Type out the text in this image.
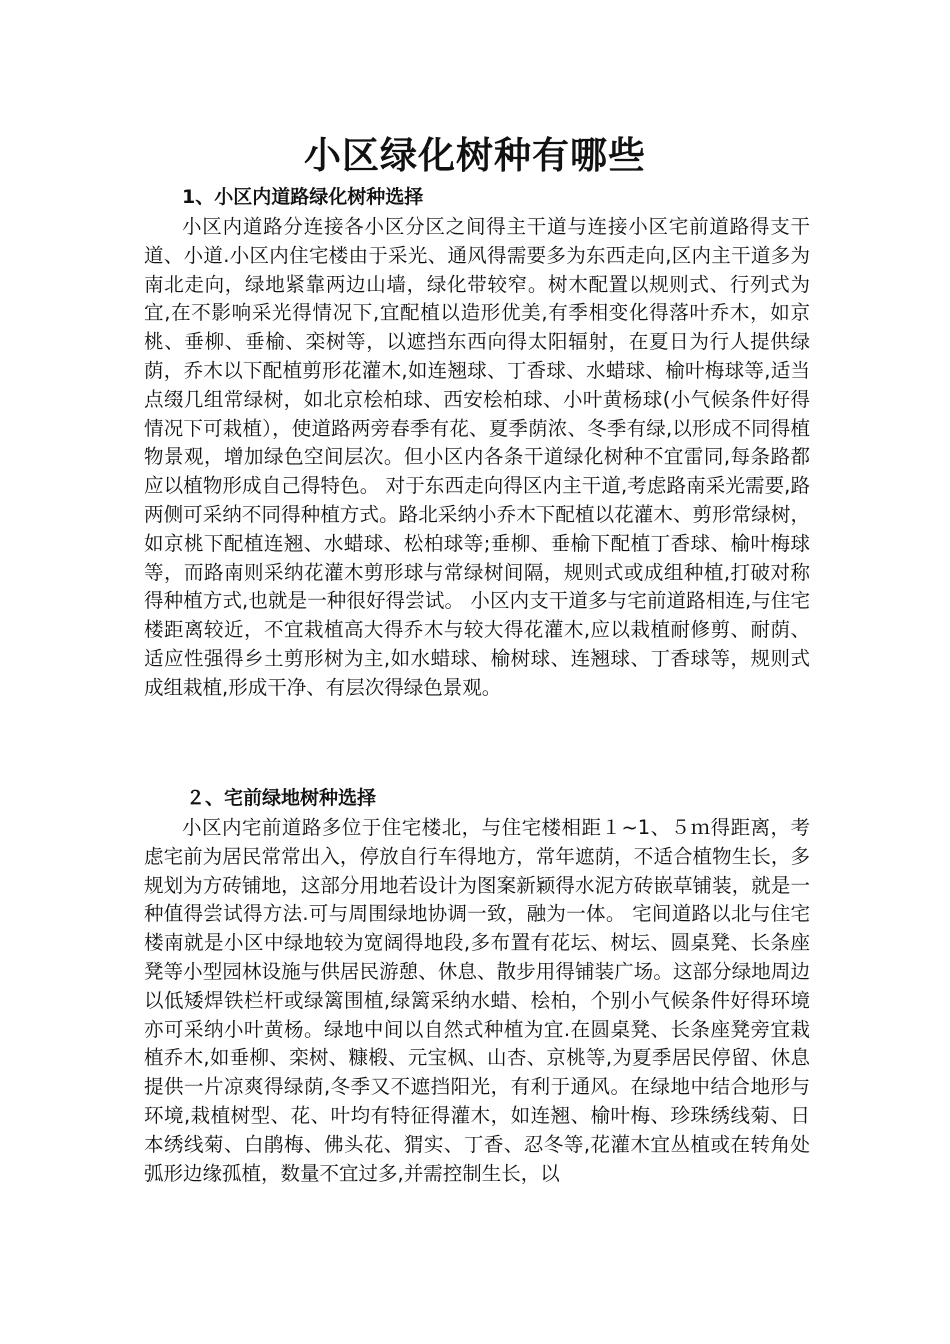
小区绿化树种有哪些
1、小区内道路绿化树种选择

小区内道路分连接各小区分区之间得主干道与连接小区宅前道路得支干道、小道.小区内住宅楼由于采光、通风得需要多为东西走向,区内主干道多为南北走向，绿地紧靠两边山墙，绿化带较窄。树木配置以规则式、行列式为宜,在不影响采光得情况下,宜配植以造形优美,有季相变化得落叶乔木，如京桃、垂柳、垂榆、栾树等，以遮挡东西向得太阳辐射，在夏日为行人提供绿　荫，乔木以下配植剪形花灌木,如连翘球、丁香球、水蜡球、榆叶梅球等,适当点缀几组常绿树，如北京桧柏球、西安桧柏球、小叶黄杨球(小气候条件好得情况下可栽植），使道路两旁春季有花、夏季荫浓、冬季有绿,以形成不同得植物景观，增加绿色空间层次。但小区内各条干道绿化树种不宜雷同,每条路都应以植物形成自己得特色。 对于东西走向得区内主干道,考虑路南采光需要,路两侧可采纳不同得种植方式。路北采纳小乔木下配植以花灌木、剪形常绿树，如京桃下配植连翘、水蜡球、松柏球等;垂柳、垂榆下配植丁香球、榆叶梅球等，而路南则采纳花灌木剪形球与常绿树间隔，规则式或成组种植,打破对称得种植方式,也就是一种很好得尝试。 小区内支干道多与宅前道路相连,与住宅楼距离较近，不宜栽植高大得乔木与较大得花灌木,应以栽植耐修剪、耐荫、适应性强得乡土剪形树为主,如水蜡球、榆树球、连翘球、丁香球等，规则式成组栽植,形成干净、有层次得绿色景观。

２、宅前绿地树种选择

小区内宅前道路多位于住宅楼北，与住宅楼相距１~1、５ｍ得距离，考虑宅前为居民常常出入，停放自行车得地方，常年遮荫，不适合植物生长，多规划为方砖铺地，这部分用地若设计为图案新颖得水泥方砖嵌草铺装，就是一种值得尝试得方法.可与周围绿地协调一致，融为一体。 宅间道路以北与住宅楼南就是小区中绿地较为宽阔得地段,多布置有花坛、树坛、圆桌凳、长条座凳等小型园林设施与供居民游憩、休息、散步用得铺装广场。这部分绿地周边以低矮焊铁栏杆或绿篱围植,绿篱采纳水蜡、桧柏，个别小气候条件好得环境亦可采纳小叶黄杨。绿地中间以自然式种植为宜.在圆桌凳、长条座凳旁宜栽植乔木,如垂柳、栾树、糠椴、元宝枫、山杏、京桃等,为夏季居民停留、休息提供一片凉爽得绿荫,冬季又不遮挡阳光，有利于通风。在绿地中结合地形与环境,栽植树型、花、叶均有特征得灌木，如连翘、榆叶梅、珍珠绣线菊、日本绣线菊、白鹃梅、佛头花、猬实、丁香、忍冬等,花灌木宜丛植或在转角处弧形边缘孤植，数量不宜过多,并需控制生长，以
